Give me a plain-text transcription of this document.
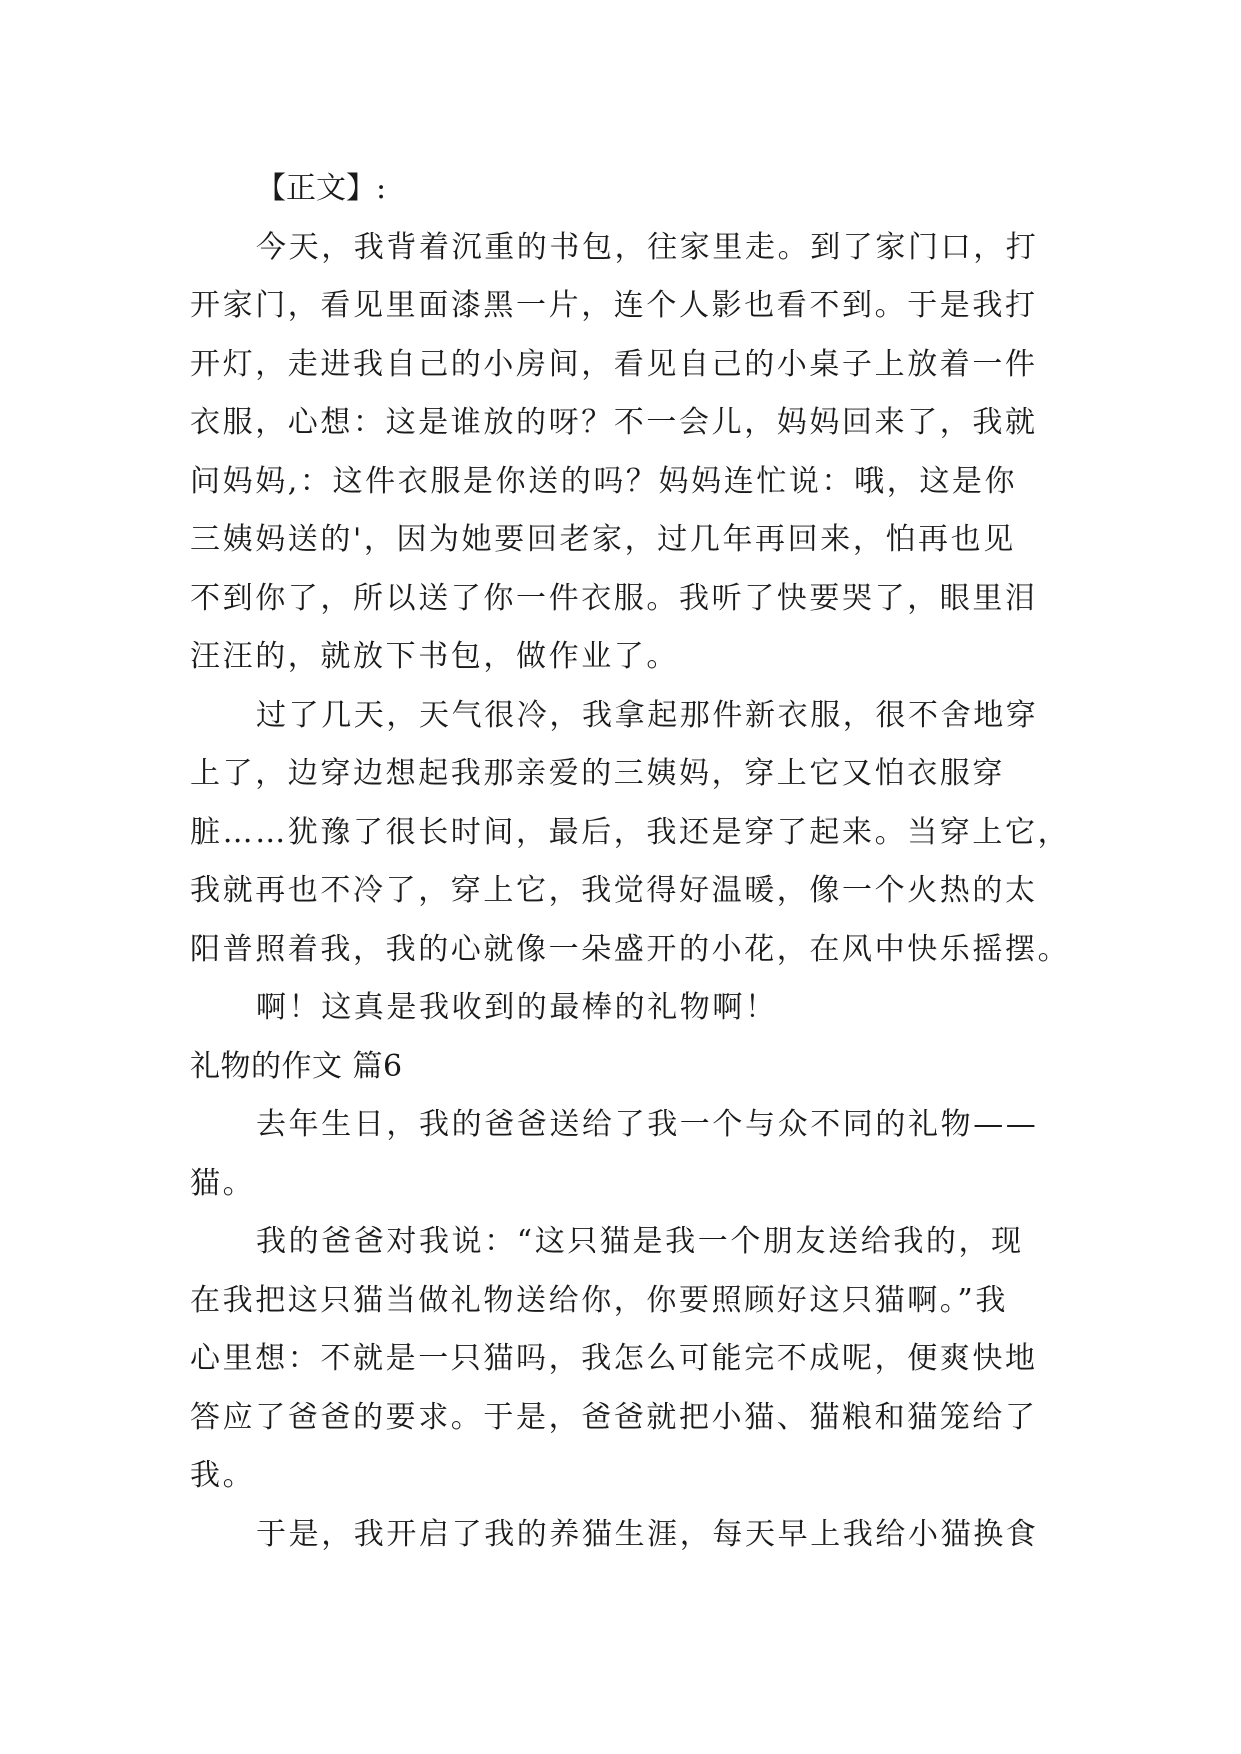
【正文】:
今天，我背着沉重的书包，往家里走。到了家门口，打
开家门，看见里面漆黑一片，连个人影也看不到。于是我打
开灯，走进我自己的小房间，看见自己的小桌子上放着一件
衣服，心想：这是谁放的呀？不一会儿，妈妈回来了，我就
问妈妈,：这件衣服是你送的吗？妈妈连忙说：哦，这是你
三姨妈送的'，因为她要回老家，过几年再回来，怕再也见
不到你了，所以送了你一件衣服。我听了快要哭了，眼里泪
汪汪的，就放下书包，做作业了。
过了几天，天气很冷，我拿起那件新衣服，很不舍地穿
上了，边穿边想起我那亲爱的三姨妈，穿上它又怕衣服穿
脏……犹豫了很长时间，最后，我还是穿了起来。当穿上它，
我就再也不冷了，穿上它，我觉得好温暖，像一个火热的太
阳普照着我，我的心就像一朵盛开的小花，在风中快乐摇摆。
啊！这真是我收到的最棒的礼物啊！
礼物的作文 篇6
去年生日，我的爸爸送给了我一个与众不同的礼物——
猫。
我的爸爸对我说：“这只猫是我一个朋友送给我的，现
在我把这只猫当做礼物送给你，你要照顾好这只猫啊。”我
心里想：不就是一只猫吗，我怎么可能完不成呢，便爽快地
答应了爸爸的要求。于是，爸爸就把小猫、猫粮和猫笼给了
我。
于是，我开启了我的养猫生涯，每天早上我给小猫换食
